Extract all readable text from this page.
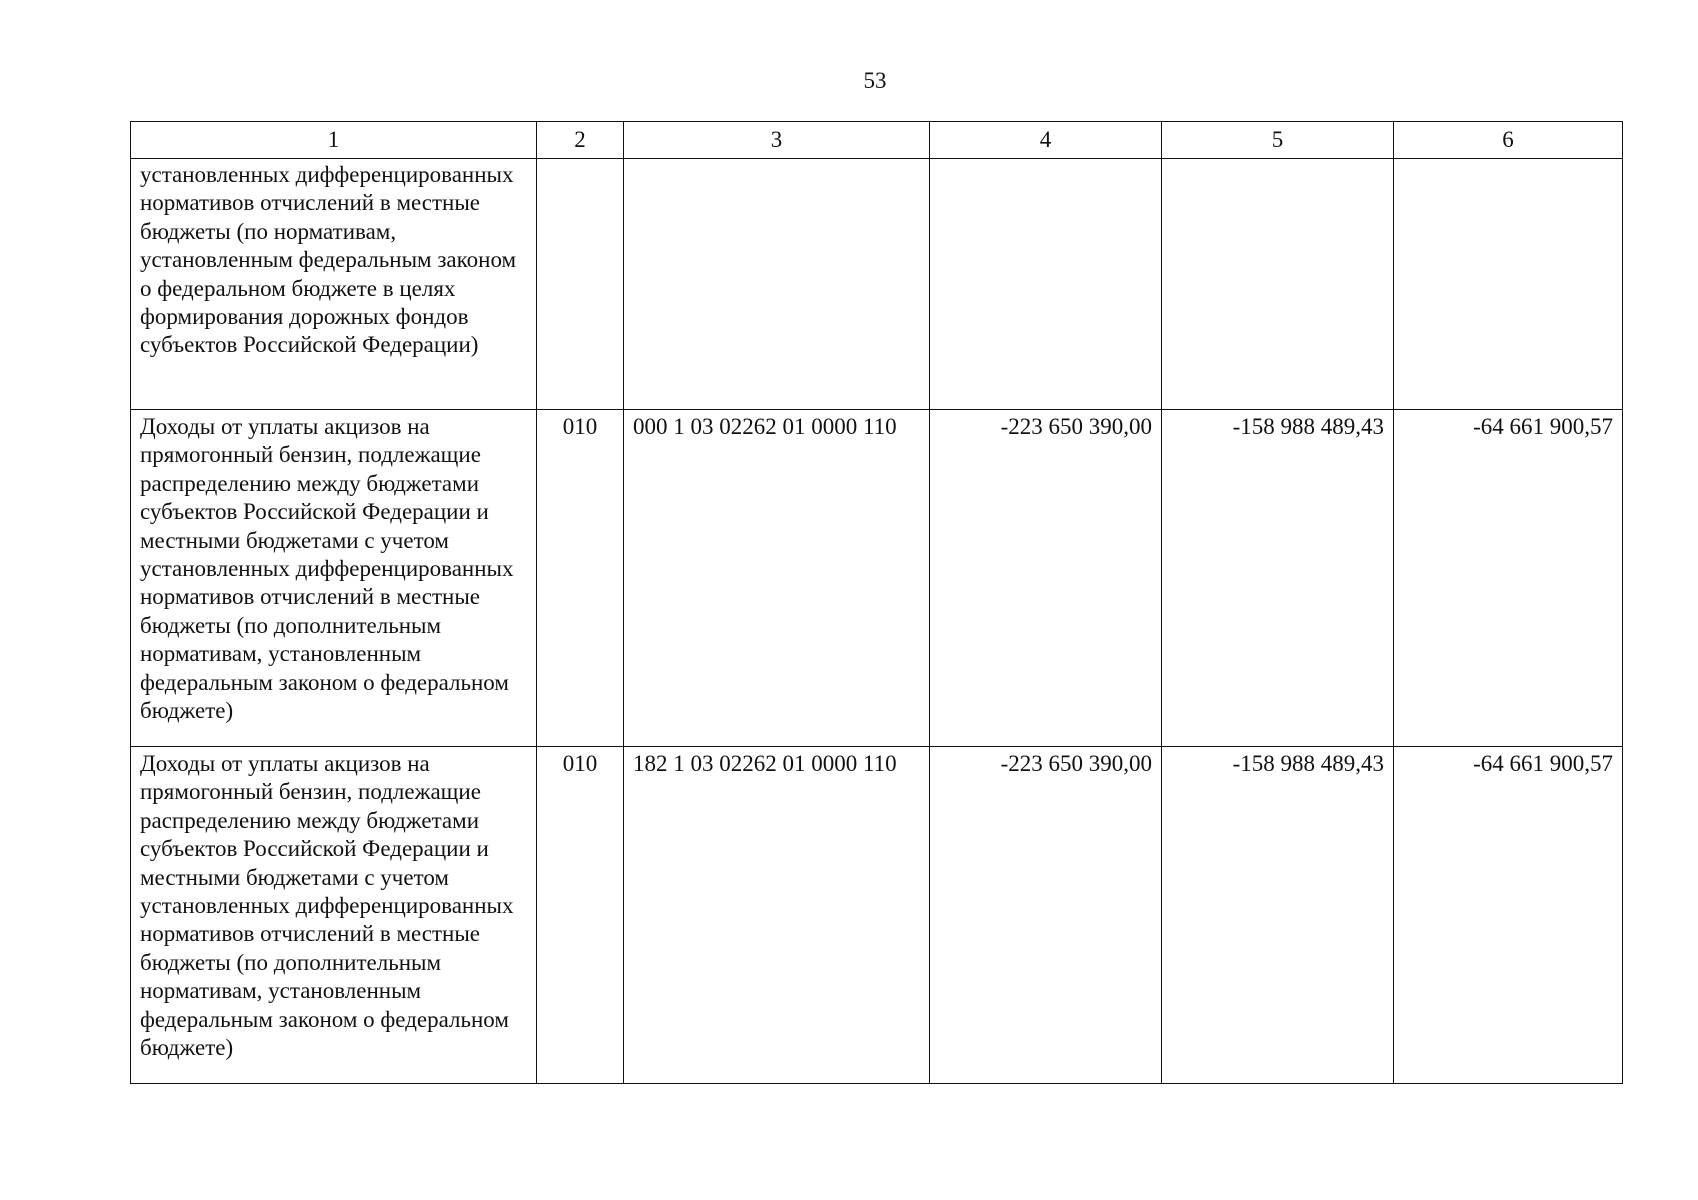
53
1	2	3	4	5	6
установленных дифференцированных нормативов отчислений в местные бюджеты (по нормативам, установленным федеральным законом о федеральном бюджете в целях формирования дорожных фондов субъектов Российской Федерации)					
Доходы от уплаты акцизов на прямогонный бензин, подлежащие распределению между бюджетами субъектов Российской Федерации и местными бюджетами с учетом установленных дифференцированных нормативов отчислений в местные бюджеты (по дополнительным нормативам, установленным федеральным законом о федеральном бюджете)	010	000 1 03 02262 01 0000 110	-223 650 390,00	-158 988 489,43	-64 661 900,57
Доходы от уплаты акцизов на прямогонный бензин, подлежащие распределению между бюджетами субъектов Российской Федерации и местными бюджетами с учетом установленных дифференцированных нормативов отчислений в местные бюджеты (по дополнительным нормативам, установленным федеральным законом о федеральном бюджете)	010	182 1 03 02262 01 0000 110	-223 650 390,00	-158 988 489,43	-64 661 900,57
